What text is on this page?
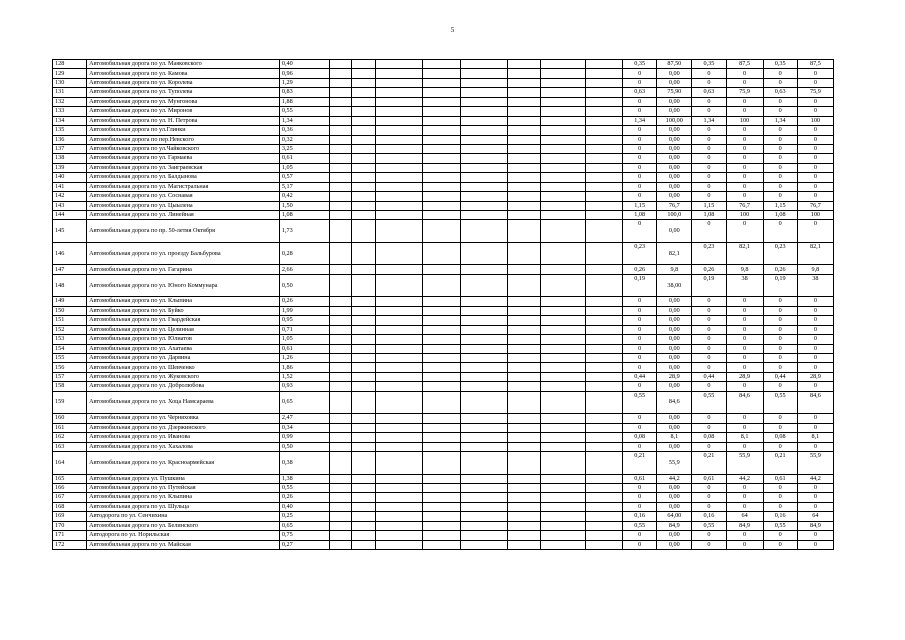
5
128	Автомобильная дорога по ул. Маяковского	0,40									0,35	87,50	0,35	87,5	0,35	87,5
129	Автомобильная дорога по ул. Камова	0,96									0	0,00	0	0	0	0
130	Автомобильная дорога по ул. Королева	1,29									0	0,00	0	0	0	0
131	Автомобильная дорога по ул. Туполева	0,83									0,63	75,90	0,63	75,9	0,63	75,9
132	Автомобильная дорога по ул. Мунгонова	1,88									0	0,00	0	0	0	0
133	Автомобильная дорога по ул. Миронов	0,55									0	0,00	0	0	0	0
134	Автомобильная дорога по ул. Н. Петрова	1,34									1,34	100,00	1,34	100	1,34	100
135	Автомобильная дорога по ул.Глинки	0,36									0	0,00	0	0	0	0
136	Автомобильная дорога по пер.Невского	0,32									0	0,00	0	0	0	0
137	Автомобильная дорога по ул.Чайковского	3,25									0	0,00	0	0	0	0
138	Автомобильная дорога по ул. Гармаева	0,61									0	0,00	0	0	0	0
139	Автомобильная дорога по ул. Заиграевская	1,05									0	0,00	0	0	0	0
140	Автомобильная дорога по ул. Балдынова	0,57									0	0,00	0	0	0	0
141	Автомобильная дорога по ул. Магистральная	5,17									0	0,00	0	0	0	0
142	Автомобильная дорога по ул. Соснавая	0,42									0	0,00	0	0	0	0
143	Автомобильная дорога по ул. Цыылена	1,50									1,15	76,7	1,15	76,7	1,15	76,7
144	Автомобильная дорога по ул. Линейная	1,08									1,08	100,0	1,08	100	1,08	100
145	Автомобильная дорога по пр. 50-летия Октября	1,73									0	0,00	0	0	0	0
146	Автомобильная дорога по ул. проезду Бальбурова	0,28									0,23	82,1	0,23	82,1	0,23	82,1
147	Автомобильная дорога по ул. Гагарина	2,66									0,26	9,8	0,26	9,8	0,26	9,8
148	Автомобильная дорога по ул. Юного Коммунара	0,50									0,19	38,00	0,19	38	0,19	38
149	Автомобильная дорога по ул. Клыпина	0,26									0	0,00	0	0	0	0
150	Автомобильная дорога по ул. Буйко	1,99									0	0,00	0	0	0	0
151	Автомобильная дорога по ул. Гвардейская	0,95									0	0,00	0	0	0	0
152	Автомобильная дорога по ул. Целинная	0,71									0	0,00	0	0	0	0
153	Автомобильная дорога по ул. Юлиатов	1,05									0	0,00	0	0	0	0
154	Автомобильная дорога по ул. Ахатаева	0,61									0	0,00	0	0	0	0
155	Автомобильная дорога по ул. Дарвина	1,26									0	0,00	0	0	0	0
156	Автомобильная дорога по ул. Шевченко	1,86									0	0,00	0	0	0	0
157	Автомобильная дорога по ул. Жуковского	1,52									0,44	28,9	0,44	28,9	0,44	28,9
158	Автомобильная дорога по ул. Добролюбова	0,93									0	0,00	0	0	0	0
159	Автомобильная дорога по ул. Хоца Намсараева	0,65									0,55	84,6	0,55	84,6	0,55	84,6
160	Автомобильная дорога по ул. Черняховка	2,47									0	0,00	0	0	0	0
161	Автомобильная дорога по ул. Дзержинского	0,34									0	0,00	0	0	0	0
162	Автомобильная дорога по ул. Иванова	0,99									0,08	8,1	0,08	8,1	0,08	8,1
163	Автомобильная дорога по ул. Хахалова	0,50									0	0,00	0	0	0	0
164	Автомобильная дорога по ул. Красноармейская	0,38									0,21	55,9	0,21	55,9	0,21	55,9
165	Автомобильная дорога ул. Пушкина	1,38									0,61	44,2	0,61	44,2	0,61	44,2
166	Автомобильная дорога по ул. Путейская	0,55									0	0,00	0	0	0	0
167	Автомобильная дорога по ул. Клыпина	0,26									0	0,00	0	0	0	0
168	Автомобильная дорога по ул. Шульца	0,40									0	0,00	0	0	0	0
169	Автодорога по ул. Сенчихина	0,25									0,16	64,00	0,16	64	0,16	64
170	Автомобильная дорога по ул. Белинского	0,65									0,55	84,9	0,55	84,9	0,55	84,9
171	Автодорога по ул. Норильская	0,75									0	0,00	0	0	0	0
172	Автомобильная дорога по ул. Майская	0,27									0	0,00	0	0	0	0
